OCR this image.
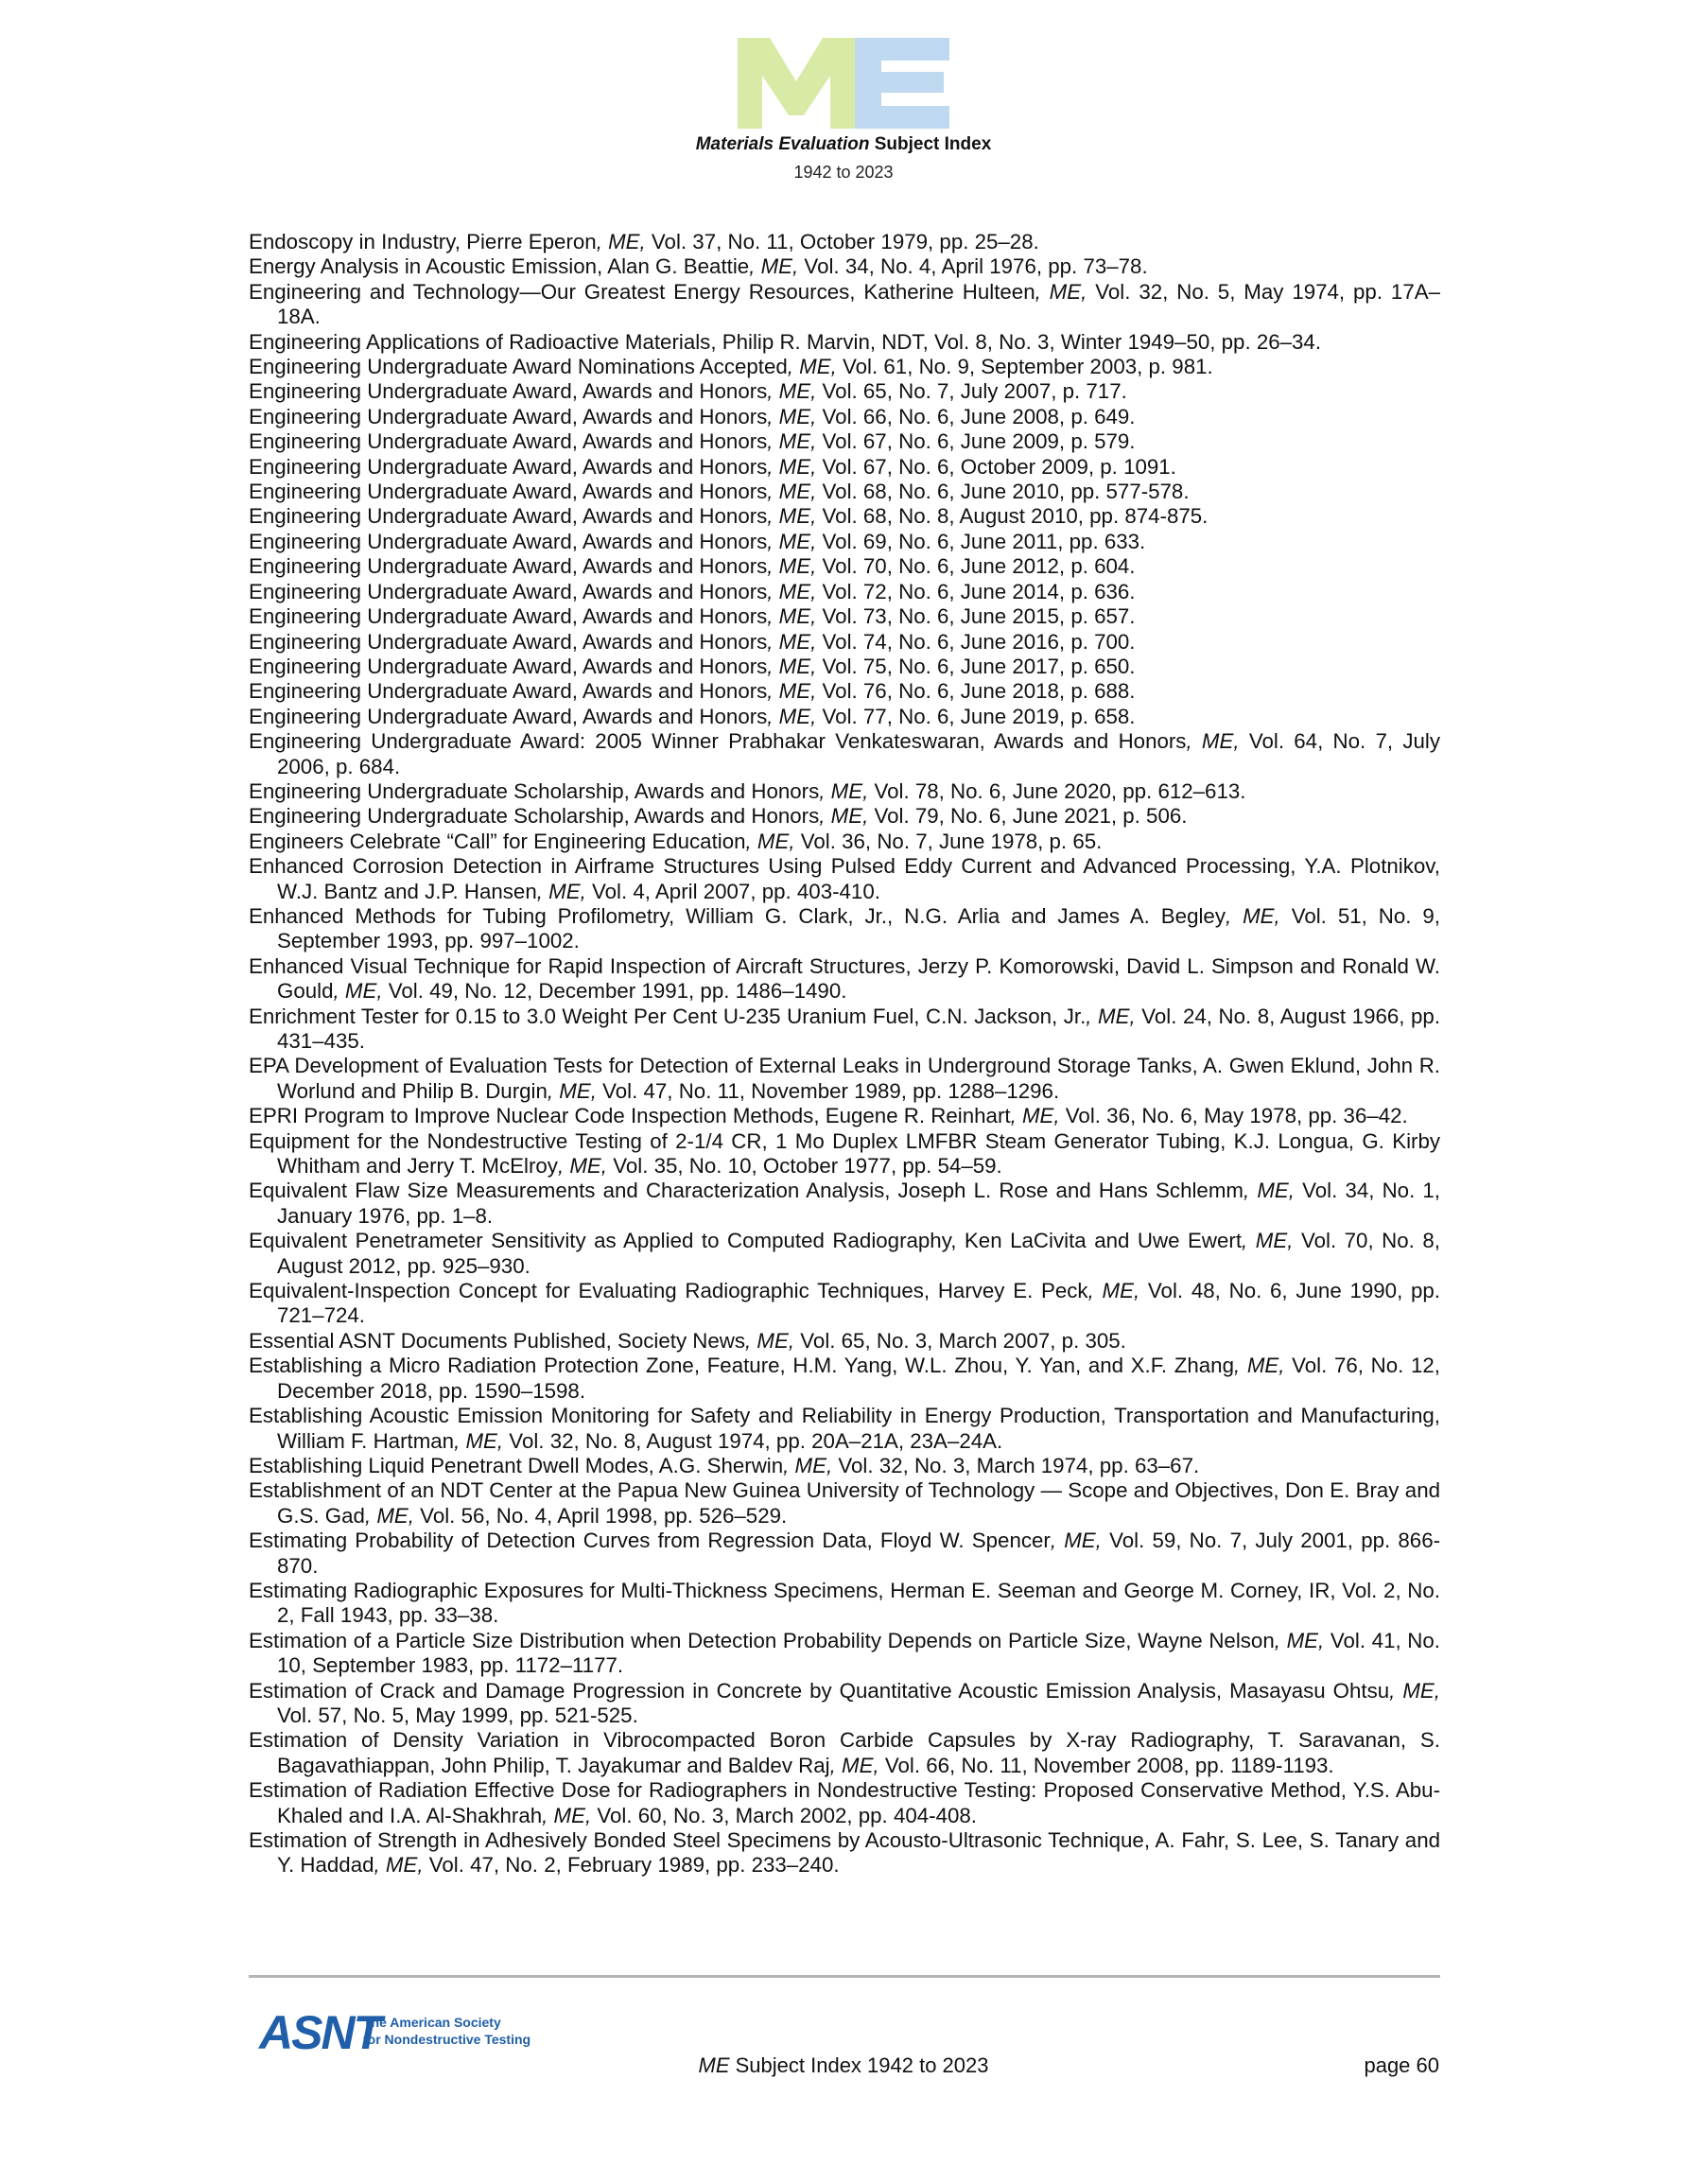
Materials Evaluation Subject Index
1942 to 2023
Endoscopy in Industry, Pierre Eperon, ME, Vol. 37, No. 11, October 1979, pp. 25–28.
Energy Analysis in Acoustic Emission, Alan G. Beattie, ME, Vol. 34, No. 4, April 1976, pp. 73–78.
Engineering and Technology—Our Greatest Energy Resources, Katherine Hulteen, ME, Vol. 32, No. 5, May 1974, pp. 17A–18A.
Engineering Applications of Radioactive Materials, Philip R. Marvin, NDT, Vol. 8, No. 3, Winter 1949–50, pp. 26–34.
Engineering Undergraduate Award Nominations Accepted, ME, Vol. 61, No. 9, September 2003, p. 981.
Engineering Undergraduate Award, Awards and Honors, ME, Vol. 65, No. 7, July 2007, p. 717.
Engineering Undergraduate Award, Awards and Honors, ME, Vol. 66, No. 6, June 2008, p. 649.
Engineering Undergraduate Award, Awards and Honors, ME, Vol. 67, No. 6, June 2009, p. 579.
Engineering Undergraduate Award, Awards and Honors, ME, Vol. 67, No. 6, October 2009, p. 1091.
Engineering Undergraduate Award, Awards and Honors, ME, Vol. 68, No. 6, June 2010, pp. 577-578.
Engineering Undergraduate Award, Awards and Honors, ME, Vol. 68, No. 8, August 2010, pp. 874-875.
Engineering Undergraduate Award, Awards and Honors, ME, Vol. 69, No. 6, June 2011, pp. 633.
Engineering Undergraduate Award, Awards and Honors, ME, Vol. 70, No. 6, June 2012, p. 604.
Engineering Undergraduate Award, Awards and Honors, ME, Vol. 72, No. 6, June 2014, p. 636.
Engineering Undergraduate Award, Awards and Honors, ME, Vol. 73, No. 6, June 2015, p. 657.
Engineering Undergraduate Award, Awards and Honors, ME, Vol. 74, No. 6, June 2016, p. 700.
Engineering Undergraduate Award, Awards and Honors, ME, Vol. 75, No. 6, June 2017, p. 650.
Engineering Undergraduate Award, Awards and Honors, ME, Vol. 76, No. 6, June 2018, p. 688.
Engineering Undergraduate Award, Awards and Honors, ME, Vol. 77, No. 6, June 2019, p. 658.
Engineering Undergraduate Award: 2005 Winner Prabhakar Venkateswaran, Awards and Honors, ME, Vol. 64, No. 7, July 2006, p. 684.
Engineering Undergraduate Scholarship, Awards and Honors, ME, Vol. 78, No. 6, June 2020, pp. 612–613.
Engineering Undergraduate Scholarship, Awards and Honors, ME, Vol. 79, No. 6, June 2021, p. 506.
Engineers Celebrate “Call” for Engineering Education, ME, Vol. 36, No. 7, June 1978, p. 65.
Enhanced Corrosion Detection in Airframe Structures Using Pulsed Eddy Current and Advanced Processing, Y.A. Plotnikov, W.J. Bantz and J.P. Hansen, ME, Vol. 4, April 2007, pp. 403-410.
Enhanced Methods for Tubing Profilometry, William G. Clark, Jr., N.G. Arlia and James A. Begley, ME, Vol. 51, No. 9, September 1993, pp. 997–1002.
Enhanced Visual Technique for Rapid Inspection of Aircraft Structures, Jerzy P. Komorowski, David L. Simpson and Ronald W. Gould, ME, Vol. 49, No. 12, December 1991, pp. 1486–1490.
Enrichment Tester for 0.15 to 3.0 Weight Per Cent U-235 Uranium Fuel, C.N. Jackson, Jr., ME, Vol. 24, No. 8, August 1966, pp. 431–435.
EPA Development of Evaluation Tests for Detection of External Leaks in Underground Storage Tanks, A. Gwen Eklund, John R. Worlund and Philip B. Durgin, ME, Vol. 47, No. 11, November 1989, pp. 1288–1296.
EPRI Program to Improve Nuclear Code Inspection Methods, Eugene R. Reinhart, ME, Vol. 36, No. 6, May 1978, pp. 36–42.
Equipment for the Nondestructive Testing of 2-1/4 CR, 1 Mo Duplex LMFBR Steam Generator Tubing, K.J. Longua, G. Kirby Whitham and Jerry T. McElroy, ME, Vol. 35, No. 10, October 1977, pp. 54–59.
Equivalent Flaw Size Measurements and Characterization Analysis, Joseph L. Rose and Hans Schlemm, ME, Vol. 34, No. 1, January 1976, pp. 1–8.
Equivalent Penetrameter Sensitivity as Applied to Computed Radiography, Ken LaCivita and Uwe Ewert, ME, Vol. 70, No. 8, August 2012, pp. 925–930.
Equivalent-Inspection Concept for Evaluating Radiographic Techniques, Harvey E. Peck, ME, Vol. 48, No. 6, June 1990, pp. 721–724.
Essential ASNT Documents Published, Society News, ME, Vol. 65, No. 3, March 2007, p. 305.
Establishing a Micro Radiation Protection Zone, Feature, H.M. Yang, W.L. Zhou, Y. Yan, and X.F. Zhang, ME, Vol. 76, No. 12, December 2018, pp. 1590–1598.
Establishing Acoustic Emission Monitoring for Safety and Reliability in Energy Production, Transportation and Manufacturing, William F. Hartman, ME, Vol. 32, No. 8, August 1974, pp. 20A–21A, 23A–24A.
Establishing Liquid Penetrant Dwell Modes, A.G. Sherwin, ME, Vol. 32, No. 3, March 1974, pp. 63–67.
Establishment of an NDT Center at the Papua New Guinea University of Technology — Scope and Objectives, Don E. Bray and G.S. Gad, ME, Vol. 56, No. 4, April 1998, pp. 526–529.
Estimating Probability of Detection Curves from Regression Data, Floyd W. Spencer, ME, Vol. 59, No. 7, July 2001, pp. 866-870.
Estimating Radiographic Exposures for Multi-Thickness Specimens, Herman E. Seeman and George M. Corney, IR, Vol. 2, No. 2, Fall 1943, pp. 33–38.
Estimation of a Particle Size Distribution when Detection Probability Depends on Particle Size, Wayne Nelson, ME, Vol. 41, No. 10, September 1983, pp. 1172–1177.
Estimation of Crack and Damage Progression in Concrete by Quantitative Acoustic Emission Analysis, Masayasu Ohtsu, ME, Vol. 57, No. 5, May 1999, pp. 521-525.
Estimation of Density Variation in Vibrocompacted Boron Carbide Capsules by X-ray Radiography, T. Saravanan, S. Bagavathiappan, John Philip, T. Jayakumar and Baldev Raj, ME, Vol. 66, No. 11, November 2008, pp. 1189-1193.
Estimation of Radiation Effective Dose for Radiographers in Nondestructive Testing: Proposed Conservative Method, Y.S. Abu-Khaled and I.A. Al-Shakhrah, ME, Vol. 60, No. 3, March 2002, pp. 404-408.
Estimation of Strength in Adhesively Bonded Steel Specimens by Acousto-Ultrasonic Technique, A. Fahr, S. Lee, S. Tanary and Y. Haddad, ME, Vol. 47, No. 2, February 1989, pp. 233–240.
ASNT
The American Society
for Nondestructive Testing
ME Subject Index 1942 to 2023	page 60
